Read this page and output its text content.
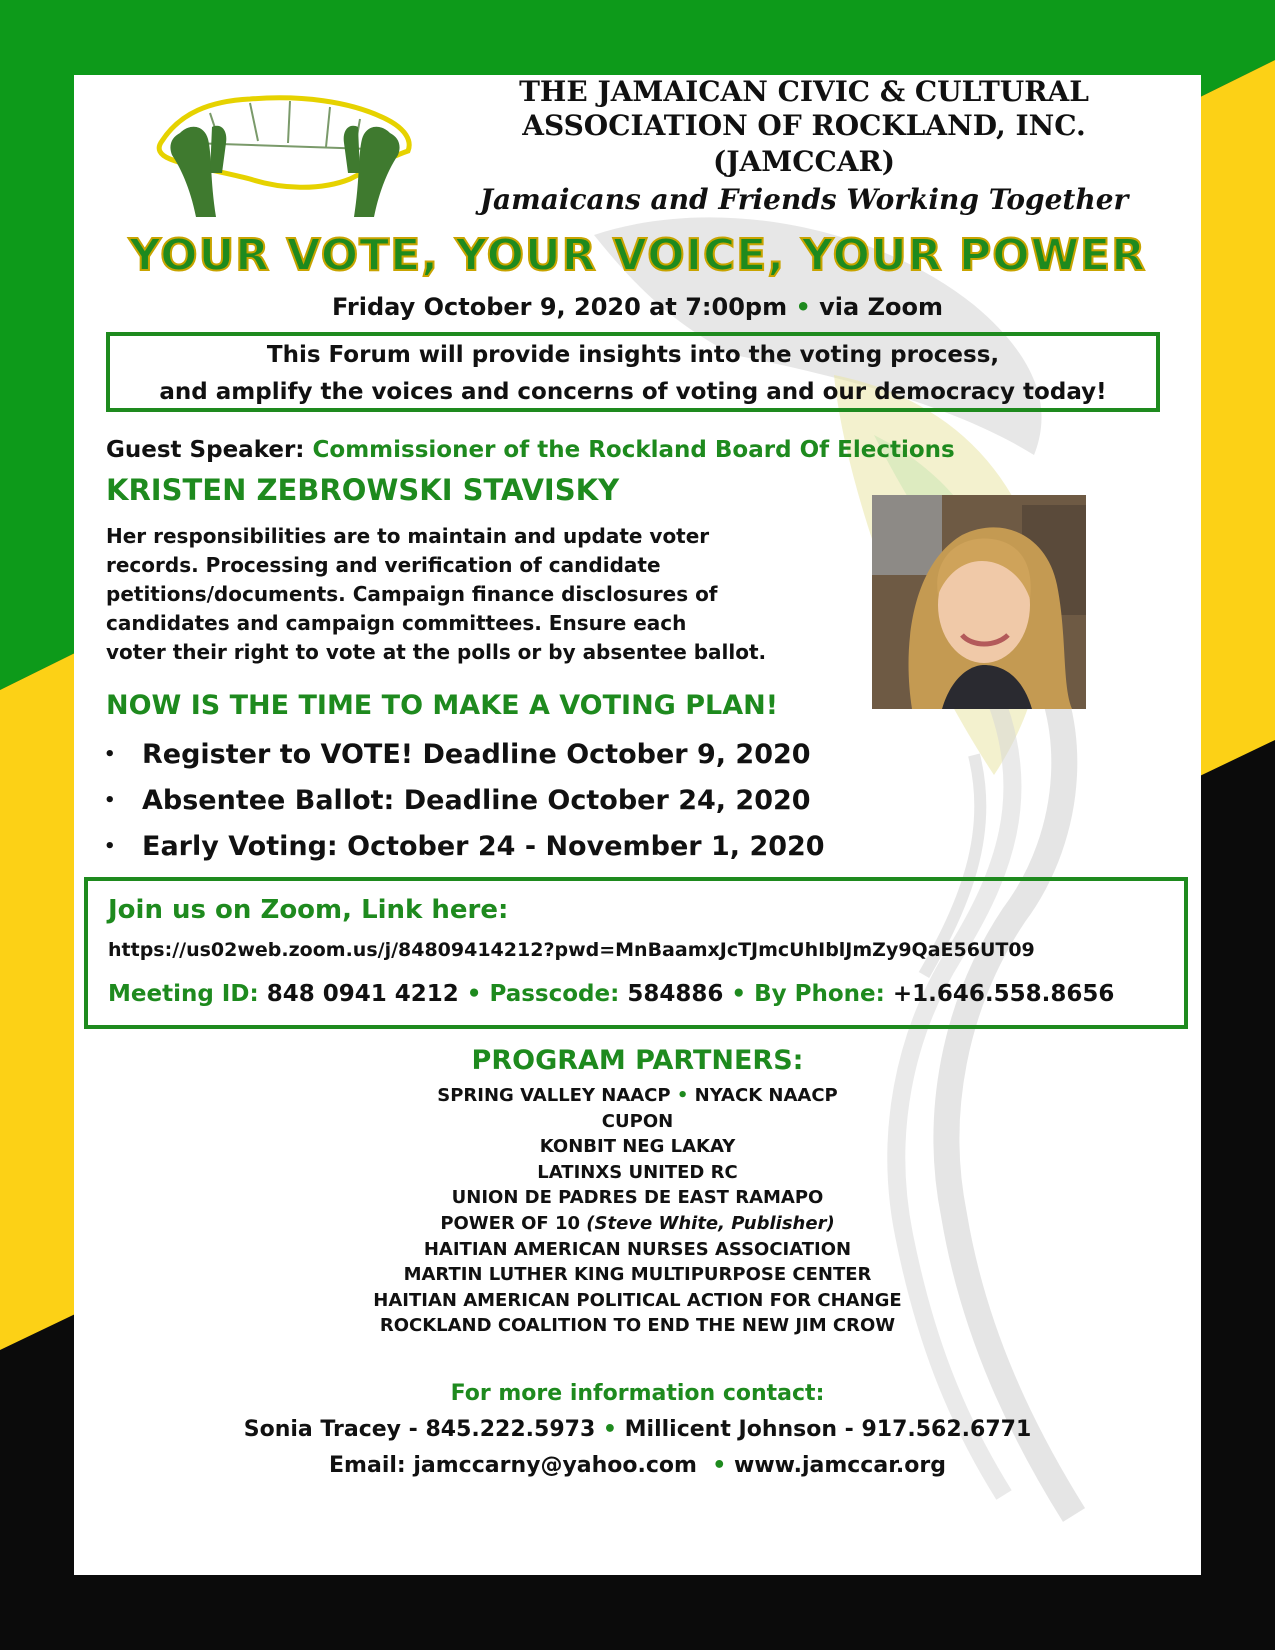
THE JAMAICAN CIVIC & CULTURAL
ASSOCIATION OF ROCKLAND, INC.
(JAMCCAR)
Jamaicans and Friends Working Together
YOUR VOTE, YOUR VOICE, YOUR POWER
Friday October 9, 2020 at 7:00pm • via Zoom
This Forum will provide insights into the voting process,
and amplify the voices and concerns of voting and our democracy today!
Guest Speaker: Commissioner of the Rockland Board Of Elections
KRISTEN ZEBROWSKI STAVISKY
Her responsibilities are to maintain and update voter
records. Processing and verification of candidate
petitions/documents. Campaign finance disclosures of
candidates and campaign committees. Ensure each
voter their right to vote at the polls or by absentee ballot.
NOW IS THE TIME TO MAKE A VOTING PLAN!
• Register to VOTE! Deadline October 9, 2020
• Absentee Ballot: Deadline October 24, 2020
• Early Voting: October 24 - November 1, 2020
Join us on Zoom, Link here:
https://us02web.zoom.us/j/84809414212?pwd=MnBaamxJcTJmcUhIblJmZy9QaE56UT09
Meeting ID: 848 0941 4212 • Passcode: 584886 • By Phone: +1.646.558.8656
PROGRAM PARTNERS:
SPRING VALLEY NAACP • NYACK NAACP
CUPON
KONBIT NEG LAKAY
LATINXS UNITED RC
UNION DE PADRES DE EAST RAMAPO
POWER OF 10 (Steve White, Publisher)
HAITIAN AMERICAN NURSES ASSOCIATION
MARTIN LUTHER KING MULTIPURPOSE CENTER
HAITIAN AMERICAN POLITICAL ACTION FOR CHANGE
ROCKLAND COALITION TO END THE NEW JIM CROW
For more information contact:
Sonia Tracey - 845.222.5973 • Millicent Johnson - 917.562.6771
Email: jamccarny@yahoo.com • www.jamccar.org
